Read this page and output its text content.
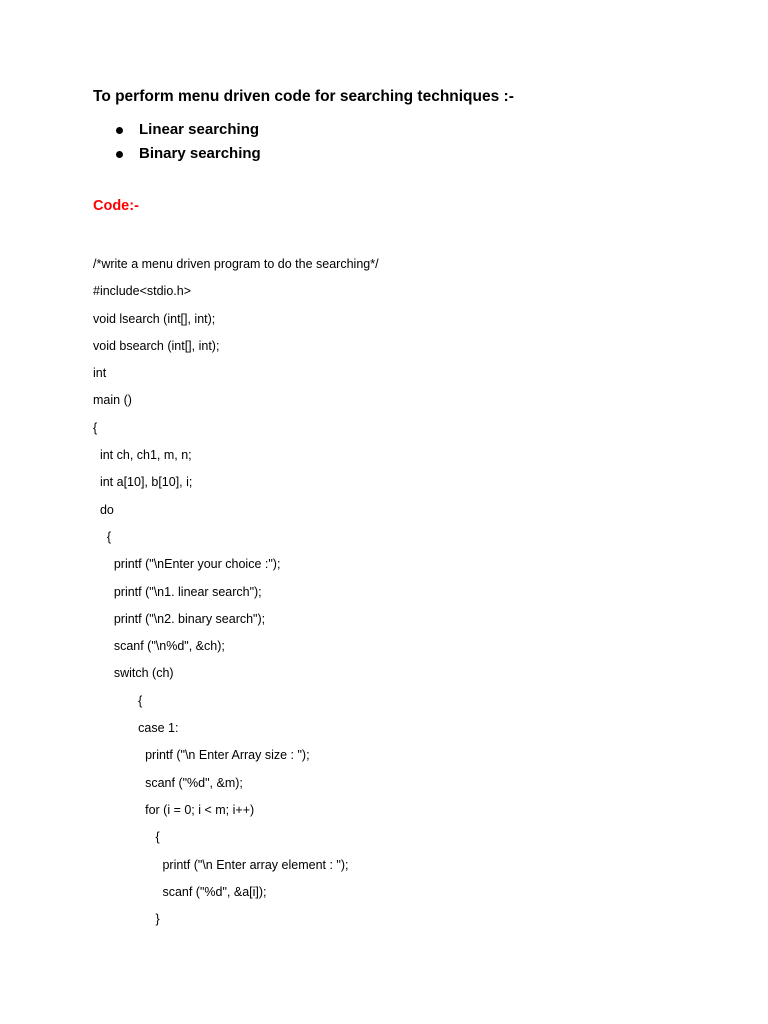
To perform menu driven code for searching techniques :-

Linear searching

Binary searching

Code:-
/*write a menu driven program to do the searching*/
#include<stdio.h>
void lsearch (int[], int);
void bsearch (int[], int);
int
main ()
{
int ch, ch1, m, n;
int a[10], b[10], i;
do
{
printf ("\nEnter your choice :");
printf ("\n1. linear search");
printf ("\n2. binary search");
scanf ("\n%d", &ch);
switch (ch)
{
case 1:
printf ("\n Enter Array size : ");
scanf ("%d", &m);
for (i = 0; i < m; i++)
{
printf ("\n Enter array element : ");
scanf ("%d", &a[i]);
}
